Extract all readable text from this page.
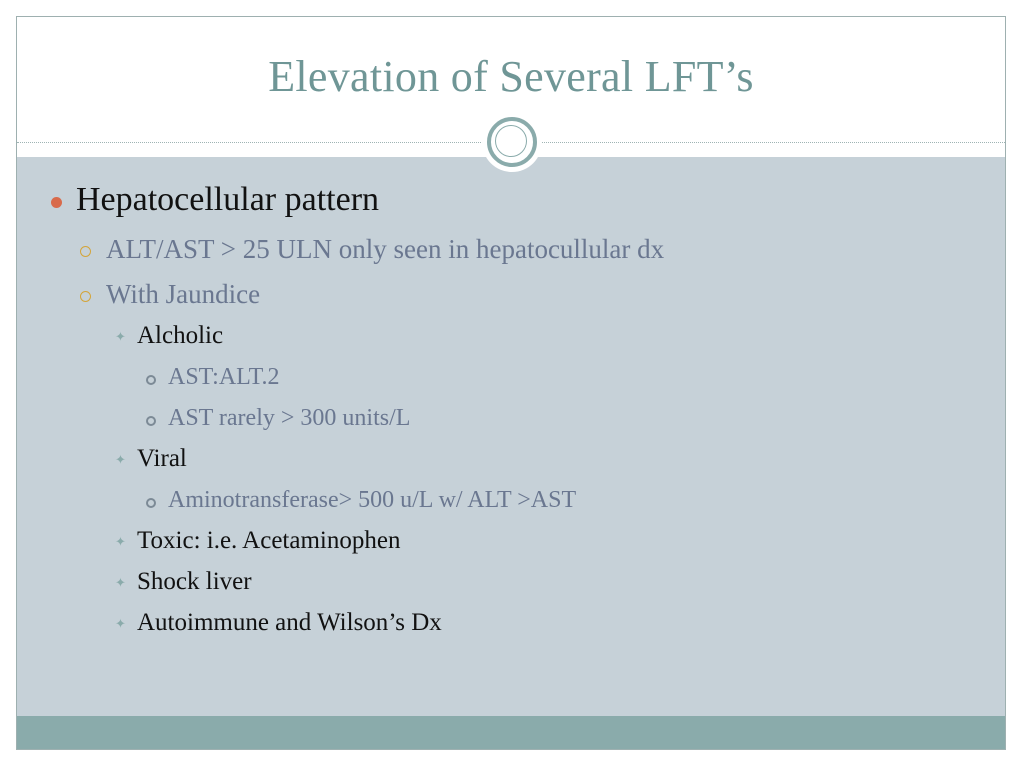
Elevation of Several LFT’s
Hepatocellular pattern
ALT/AST > 25 ULN only seen in hepatocullular dx
With Jaundice
✦ Alcholic
AST:ALT.2
AST rarely > 300 units/L
✦ Viral
Aminotransferase> 500 u/L w/ ALT >AST
✦ Toxic: i.e. Acetaminophen
✦ Shock liver
✦ Autoimmune and Wilson’s Dx
